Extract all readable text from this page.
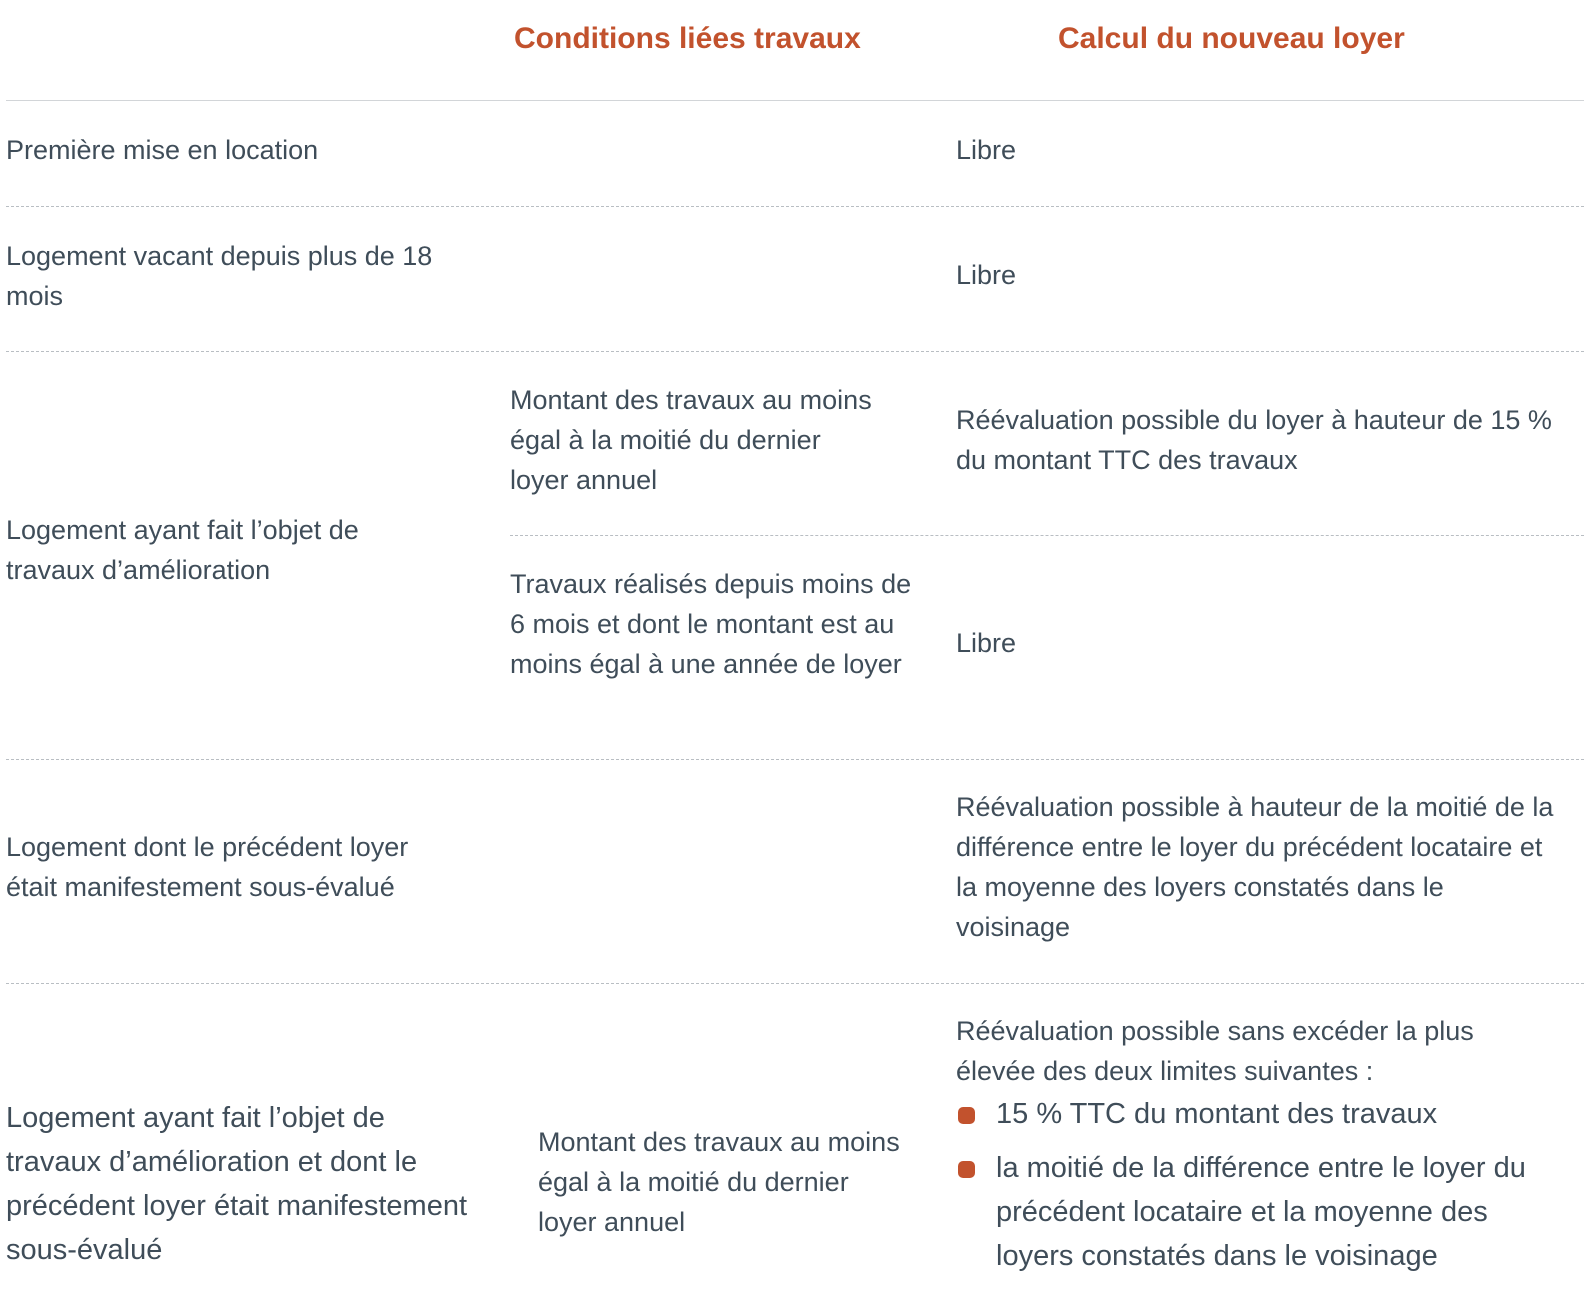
Conditions liées travaux	Calcul du nouveau loyer
Première mise en location	Libre
Logement vacant depuis plus de 18 mois
Libre
Logement ayant fait l’objet de travaux d’amélioration
Montant des travaux au moins égal à la moitié du dernier loyer annuel
Réévaluation possible du loyer à hauteur de 15 % du montant TTC des travaux
Travaux réalisés depuis moins de 6 mois et dont le montant est au moins égal à une année de loyer
Libre
Logement dont le précédent loyer était manifestement sous-évalué
Réévaluation possible à hauteur de la moitié de la différence entre le loyer du précédent locataire et la moyenne des loyers constatés dans le voisinage
Logement ayant fait l’objet de travaux d’amélioration et dont le précédent loyer était manifestement sous-évalué
Montant des travaux au moins égal à la moitié du dernier loyer annuel
Réévaluation possible sans excéder la plus élevée des deux limites suivantes :
15 % TTC du montant des travaux
la moitié de la différence entre le loyer du précédent locataire et la moyenne des loyers constatés dans le voisinage
